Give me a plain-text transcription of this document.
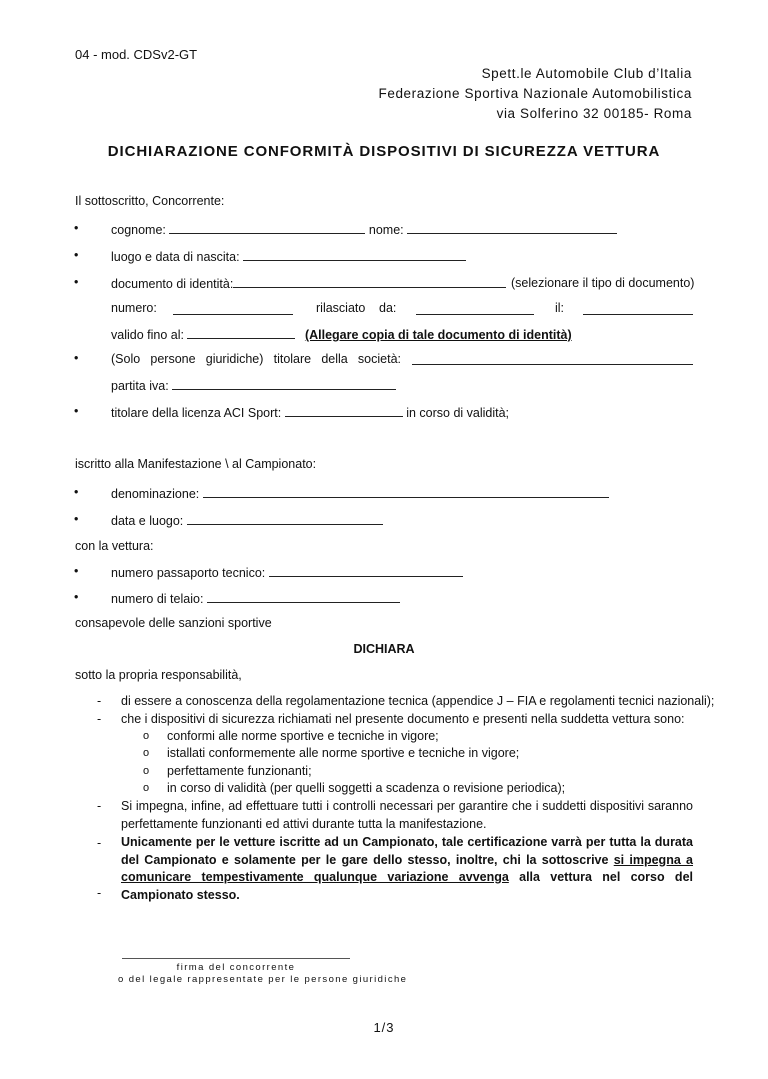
04 - mod. CDSv2-GT
Spett.le Automobile Club d’Italia
Federazione Sportiva Nazionale Automobilistica
via Solferino 32 00185- Roma
DICHIARAZIONE CONFORMITÀ DISPOSITIVI DI SICUREZZA VETTURA
Il sottoscritto, Concorrente:
•	cognome:	nome:
•	luogo e data di nascita:
•	documento di identità:	(selezionare il tipo di documento)
numero:	rilasciato da:	il:
valido fino al:	(Allegare copia di tale documento di identità)
•	(Solo persone giuridiche) titolare della società:
partita iva:
•	titolare della licenza ACI Sport:	in corso di validità;
iscritto alla Manifestazione \ al Campionato:
•	denominazione:
•	data e luogo:
con la vettura:
•	numero passaporto tecnico:
•	numero di telaio:
consapevole delle sanzioni sportive
DICHIARA
sotto la propria responsabilità,
- di essere a conoscenza della regolamentazione tecnica (appendice J – FIA e regolamenti tecnici nazionali);
- che i dispositivi di sicurezza richiamati nel presente documento e presenti nella suddetta vettura sono:
o conformi alle norme sportive e tecniche in vigore;
o istallati conformemente alle norme sportive e tecniche in vigore;
o perfettamente funzionanti;
o in corso di validità (per quelli soggetti a scadenza o revisione periodica);
- Si impegna, infine, ad effettuare tutti i controlli necessari per garantire che i suddetti dispositivi saranno perfettamente funzionanti ed attivi durante tutta la manifestazione.
- Unicamente per le vetture iscritte ad un Campionato, tale certificazione varrà per tutta la durata del Campionato e solamente per le gare dello stesso, inoltre, chi la sottoscrive si impegna a comunicare tempestivamente qualunque variazione avvenga alla vettura nel corso del Campionato stesso.
-
firma del concorrente
o del legale rappresentate per le persone giuridiche
1/3
